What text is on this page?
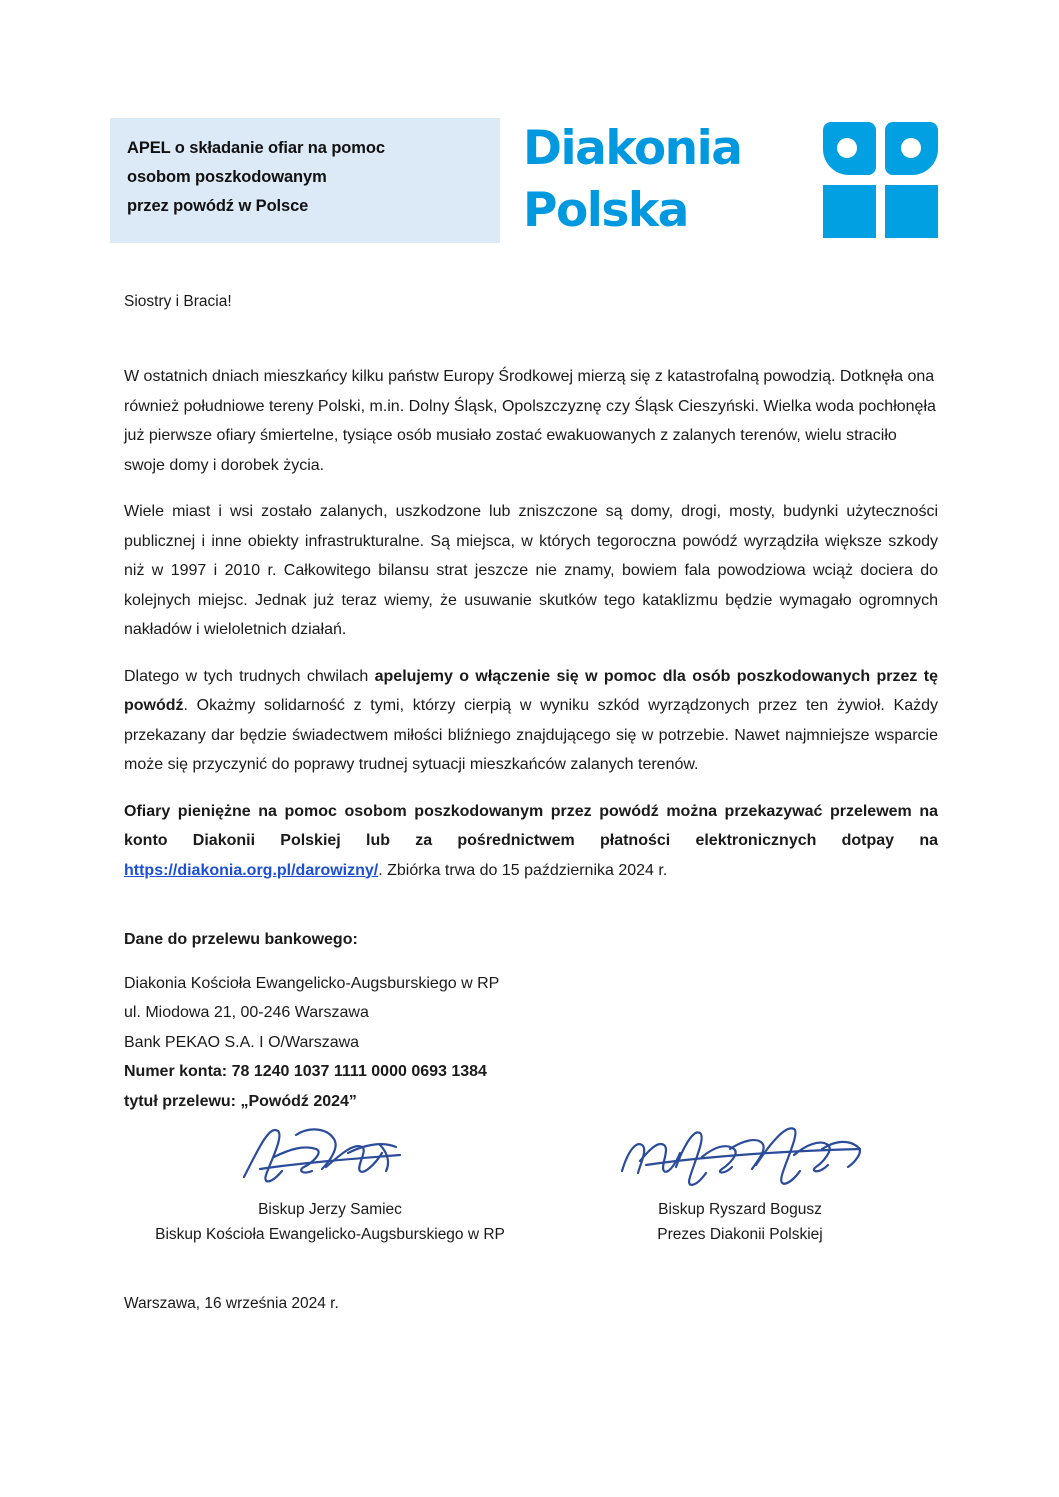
APEL o składanie ofiar na pomoc
osobom poszkodowanym
przez powódź w Polsce
Diakonia
Polska
Siostry i Bracia!

W ostatnich dniach mieszkańcy kilku państw Europy Środkowej mierzą się z katastrofalną powodzią. Dotknęła ona również południowe tereny Polski, m.in. Dolny Śląsk, Opolszczyznę czy Śląsk Cieszyński. Wielka woda pochłonęła już pierwsze ofiary śmiertelne, tysiące osób musiało zostać ewakuowanych z zalanych terenów, wielu straciło swoje domy i dorobek życia.

Wiele miast i wsi zostało zalanych, uszkodzone lub zniszczone są domy, drogi, mosty, budynki użyteczności publicznej i inne obiekty infrastrukturalne. Są miejsca, w których tegoroczna powódź wyrządziła większe szkody niż w 1997 i 2010 r. Całkowitego bilansu strat jeszcze nie znamy, bowiem fala powodziowa wciąż dociera do kolejnych miejsc. Jednak już teraz wiemy, że usuwanie skutków tego kataklizmu będzie wymagało ogromnych nakładów i wieloletnich działań.

Dlatego w tych trudnych chwilach apelujemy o włączenie się w pomoc dla osób poszkodowanych przez tę powódź. Okażmy solidarność z tymi, którzy cierpią w wyniku szkód wyrządzonych przez ten żywioł. Każdy przekazany dar będzie świadectwem miłości bliźniego znajdującego się w potrzebie. Nawet najmniejsze wsparcie może się przyczynić do poprawy trudnej sytuacji mieszkańców zalanych terenów.

Ofiary pieniężne na pomoc osobom poszkodowanym przez powódź można przekazywać przelewem na konto Diakonii Polskiej lub za pośrednictwem płatności elektronicznych dotpay na https://diakonia.org.pl/darowizny/. Zbiórka trwa do 15 października 2024 r.

Dane do przelewu bankowego:
Diakonia Kościoła Ewangelicko-Augsburskiego w RP
ul. Miodowa 21, 00-246 Warszawa
Bank PEKAO S.A. I O/Warszawa
Numer konta: 78 1240 1037 1111 0000 0693 1384
tytuł przelewu: „Powódź 2024”
Biskup Jerzy Samiec
Biskup Kościoła Ewangelicko-Augsburskiego w RP
Biskup Ryszard Bogusz
Prezes Diakonii Polskiej
Warszawa, 16 września 2024 r.
